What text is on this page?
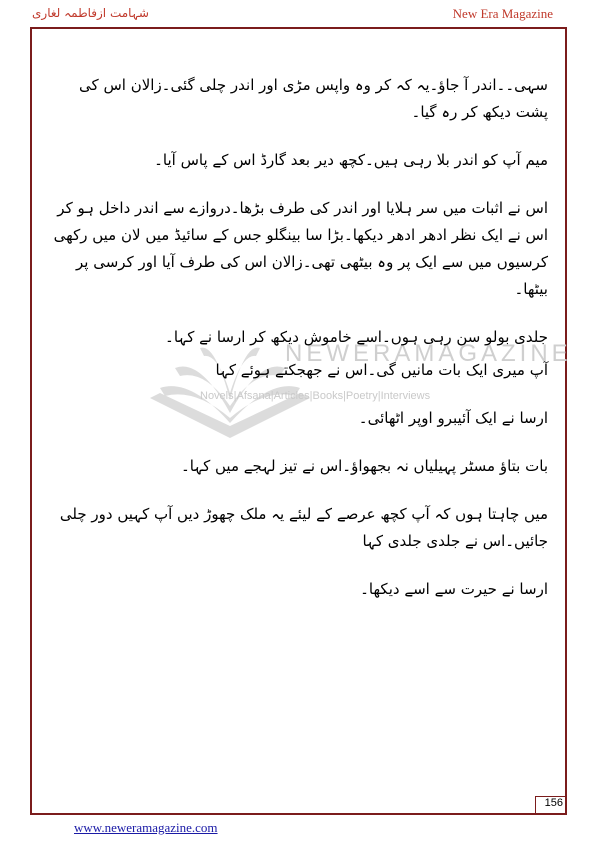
شہامت ازفاطمہ لغاری	New Era Magazine
NEWERAMAGAZINE
Novels|Afsana|Articles|Books|Poetry|Interviews

سہی۔۔اندر آ جاؤ۔یہ کہ کر وہ واپس مڑی اور اندر چلی گئی۔زالان اس کی پشت دیکھ کر رہ گیا۔

میم آپ کو اندر بلا رہی ہیں۔کچھ دیر بعد گارڈ اس کے پاس آیا۔

اس نے اثبات میں سر ہلایا اور اندر کی طرف بڑھا۔دروازے سے اندر داخل ہو کر اس نے ایک نظر ادھر ادھر دیکھا۔بڑا سا بینگلو جس کے سائیڈ میں لان میں رکھی کرسیوں میں سے ایک پر وہ بیٹھی تھی۔زالان اس کی طرف آیا اور کرسی پر بیٹھا۔

جلدی بولو سن رہی ہوں۔اسے خاموش دیکھ کر ارسا نے کہا۔

آپ میری ایک بات مانیں گی۔اس نے جھجکتے ہوئے کہا

ارسا نے ایک آئیبرو اوپر اٹھائی۔

بات بتاؤ مسٹر پہیلیاں نہ بجھواؤ۔اس نے تیز لہجے میں کہا۔

میں چاہتا ہوں کہ آپ کچھ عرصے کے لیئے یہ ملک چھوڑ دیں آپ کہیں دور چلی جائیں۔اس نے جلدی جلدی کہا

ارسا نے حیرت سے اسے دیکھا۔

156
www.neweramagazine.com
